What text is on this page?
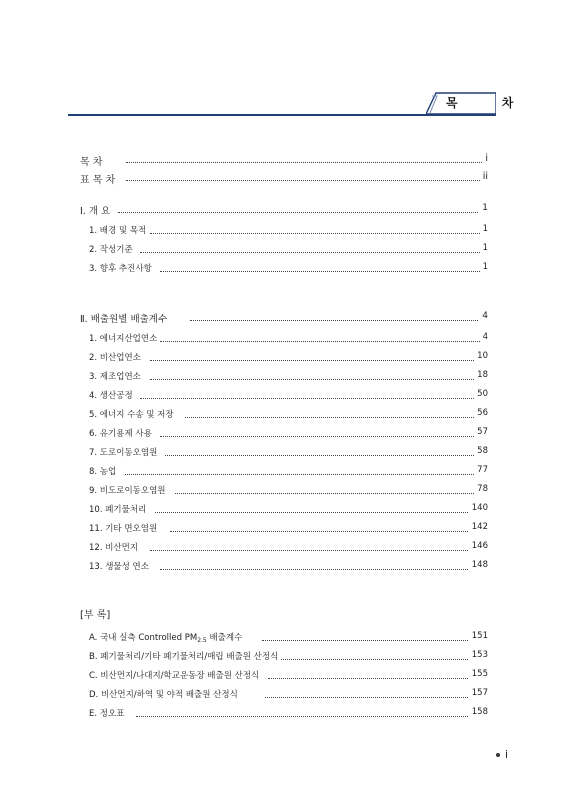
목 차
목 차	i
표 목 차	ii
Ⅰ. 개 요	1
1. 배경 및 목적	1
2. 작성기준	1
3. 향후 추진사항	1
Ⅱ. 배출원별 배출계수	4
1. 에너지산업연소	4
2. 비산업연소	10
3. 제조업연소	18
4. 생산공정	50
5. 에너지 수송 및 저장	56
6. 유기용제 사용	57
7. 도로이동오염원	58
8. 농업	77
9. 비도로이동오염원	78
10. 폐기물처리	140
11. 기타 면오염원	142
12. 비산먼지	146
13. 생물성 연소	148
[부 록]
A. 국내 실측 Controlled $PM_{2.5}$ 배출계수	151
B. 폐기물처리/기타 폐기물처리/매립 배출원 산정식	153
C. 비산먼지/나대지/학교운동장 배출원 산정식	155
D. 비산먼지/하역 및 야적 배출원 산정식	157
E. 정오표	158
i
